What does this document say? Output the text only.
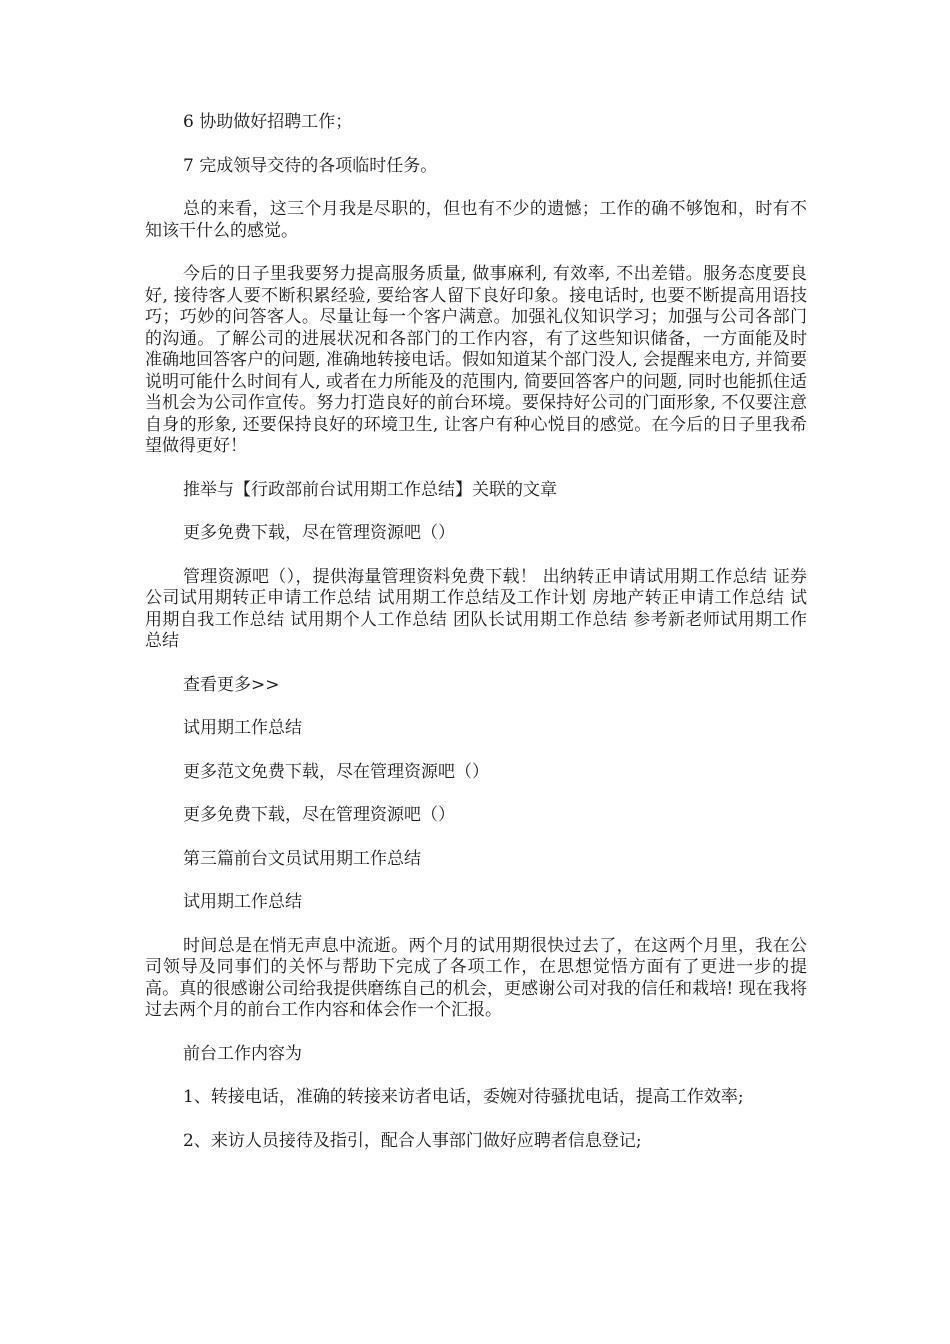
6 协助做好招聘工作；

7 完成领导交待的各项临时任务。

总的来看，这三个月我是尽职的，但也有不少的遗憾；工作的确不够饱和，时有不知该干什么的感觉。

今后的日子里我要努力提高服务质量, 做事麻利, 有效率, 不出差错。服务态度要良好, 接待客人要不断积累经验, 要给客人留下良好印象。接电话时, 也要不断提高用语技巧；巧妙的问答客人。尽量让每一个客户满意。加强礼仪知识学习；加强与公司各部门的沟通。了解公司的进展状况和各部门的工作内容，有了这些知识储备，一方面能及时准确地回答客户的问题, 准确地转接电话。假如知道某个部门没人, 会提醒来电方, 并简要说明可能什么时间有人, 或者在力所能及的范围内, 简要回答客户的问题, 同时也能抓住适当机会为公司作宣传。努力打造良好的前台环境。要保持好公司的门面形象, 不仅要注意自身的形象, 还要保持良好的环境卫生, 让客户有种心悦目的感觉。在今后的日子里我希望做得更好！

推举与【行政部前台试用期工作总结】关联的文章

更多免费下载，尽在管理资源吧（）

管理资源吧（），提供海量管理资料免费下载！ 出纳转正申请试用期工作总结 证券公司试用期转正申请工作总结 试用期工作总结及工作计划 房地产转正申请工作总结 试用期自我工作总结 试用期个人工作总结 团队长试用期工作总结 参考新老师试用期工作总结

查看更多>>

试用期工作总结

更多范文免费下载，尽在管理资源吧（）

更多免费下载，尽在管理资源吧（）

第三篇前台文员试用期工作总结

试用期工作总结

时间总是在悄无声息中流逝。两个月的试用期很快过去了，在这两个月里，我在公司领导及同事们的关怀与帮助下完成了各项工作，在思想觉悟方面有了更进一步的提高。真的很感谢公司给我提供磨练自己的机会，更感谢公司对我的信任和栽培! 现在我将过去两个月的前台工作内容和体会作一个汇报。

前台工作内容为

1、转接电话，准确的转接来访者电话，委婉对待骚扰电话，提高工作效率;

2、来访人员接待及指引，配合人事部门做好应聘者信息登记;
